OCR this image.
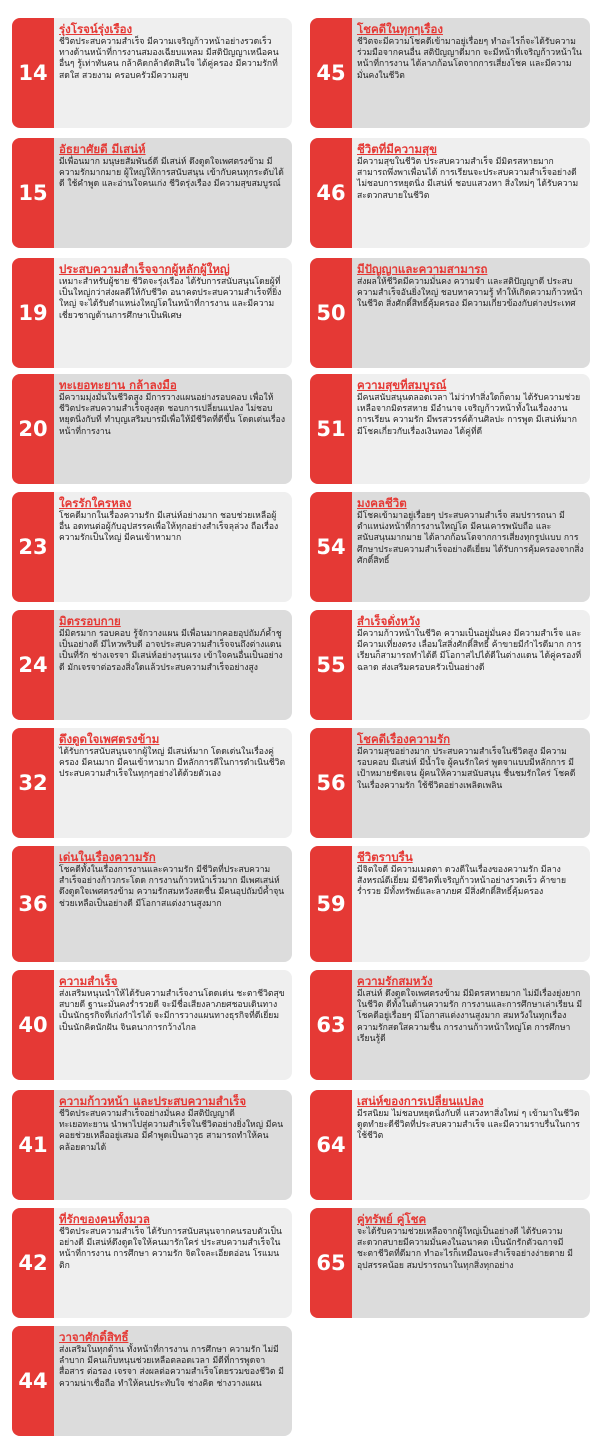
14
รุ่งโรจน์รุ่งเรือง
ชีวิตประสบความสำเร็จ มีความเจริญก้าวหน้าอย่างรวดเร็วทางด้านหน้าที่การงานสมองเฉียบแหลม มีสติปัญญาเหนือคนอื่นๆ รู้เท่าทันคน กล้าคิดกล้าตัดสินใจ ได้คู่ครอง มีความรักที่สดใส สวยงาม ครอบครัวมีความสุข	45
โชคดีในทุกๆเรื่อง
ชีวิตจะมีความโชคดีเข้ามาอยู่เรื่อยๆ ทำอะไรก็จะได้รับความร่วมมือจากคนอื่น สติปัญญาดีมาก จะมีหน้าที่เจริญก้าวหน้าในหน้าที่การงาน ได้ลาภก้อนโตจากการเสี่ยงโชค และมีความมั่นคงในชีวิต
15
อัธยาศัยดี มีเสน่ห์
มีเพื่อนมาก มนุษยสัมพันธ์ดี มีเสน่ห์ ดึงดูดใจเพศตรงข้าม มีความรักมากมาย ผู้ใหญ่ให้การสนับสนุน เข้ากับคนทุกระดับได้ดี ใช้คำพูด และอ่านใจคนเก่ง ชีวิตรุ่งเรือง มีความสุขสมบูรณ์	46
ชีวิตที่มีความสุข
มีความสุขในชีวิต ประสบความสำเร็จ มีมิตรสหายมาก สามารถพึ่งพาเพื่อนได้ การเรียนจะประสบความสำเร็จอย่างดี ไม่ชอบการหยุดนิ่ง มีเสน่ห์ ชอบแสวงหา สิ่งใหม่ๆ ได้รับความสะดวกสบายในชีวิต
19
ประสบความสำเร็จจากผู้หลักผู้ใหญ่
เหมาะสำหรับผู้ชาย ชีวิตจะรุ่งเรือง ได้รับการสนับสนุนโดยผู้ที่เป็นใหญ่กว่าส่งผลดีให้กับชีวิต อนาคตประสบความสำเร็จที่ยิ่งใหญ่ จะได้รับตำแหน่งใหญ่โตในหน้าที่การงาน และมีความเชี่ยวชาญด้านการศึกษาเป็นพิเศษ	50
มีปัญญาและความสามารถ
ส่งผลให้ชีวิตมีความมั่นคง ความจำ และสติปัญญาดี ประสบความสำเร็จอันยิ่งใหญ่ ชอบหาความรู้ ทำให้เกิดความก้าวหน้าในชีวิต สิ่งศักดิ์สิทธิ์คุ้มครอง มีความเกี่ยวข้องกับต่างประเทศ
20
ทะเยอทะยาน กล้าลงมือ
มีความมุ่งมั่นในชีวิตสูง มีการวางแผนอย่างรอบคอบ เพื่อให้ชีวิตประสบความสำเร็จสูงสุด ชอบการเปลี่ยนแปลง ไม่ชอบหยุดนิ่งกับที่ ทำบุญเสริมบารมีเพื่อให้มีชีวิตที่ดีขึ้น โดดเด่นเรื่องหน้าที่การงาน	51
ความสุขที่สมบูรณ์
มีคนสนับสนุนตลอดเวลา ไม่ว่าทำสิ่งใดก็ตาม ได้รับความช่วยเหลือจากมิตรสหาย มีอำนาจ เจริญก้าวหน้าทั้งในเรื่องงาน การเรียน ความรัก มีพรสวรรค์ด้านศิลปะ การพูด มีเสน่ห์มาก มีโชคเกี่ยวกับเรื่องเงินทอง ได้คู่ที่ดี
23
ใครรักใครหลง
โชคดีมากในเรื่องความรัก มีเสน่ห์อย่างมาก ชอบช่วยเหลือผู้อื่น อดทนต่อผู้กับอุปสรรคเพื่อให้ทุกอย่างสำเร็จลุล่วง ถือเรื่องความรักเป็นใหญ่ มีคนเข้าหามาก	54
มงคลชีวิต
มีโชคเข้ามาอยู่เรื่อยๆ ประสบความสำเร็จ สมปรารถนา มีตำแหน่งหน้าที่การงานใหญ่โต มีคนเคารพนับถือ และสนับสนุนมากมาย ได้ลาภก้อนโตจากการเสี่ยงทุกรูปแบบ การศึกษาประสบความสำเร็จอย่างดีเยี่ยม ได้รับการคุ้มครองจากสิ่งศักดิ์สิทธิ์
24
มิตรรอบกาย
มีมิตรมาก รอบคอบ รู้จักวางแผน มีเพื่อนมากคอยอุปถัมภ์ค้ำชูเป็นอย่างดี มีไหวพริบดี อาจประสบความสำเร็จจนถึงต่างแดน เป็นที่รัก ช่างเจรจา มีเสน่ห์อย่างรุนแรง เข้าใจคนอื่นเป็นอย่างดี มักเจรจาต่อรองสิ่งใดแล้วประสบความสำเร็จอย่างสูง	55
สำเร็จดั่งหวัง
มีความก้าวหน้าในชีวิต ความเป็นอยู่มั่นคง มีความสำเร็จ และมีความเที่ยงตรง เลื่อมใสสิ่งศักดิ์สิทธิ์ ค้าขายมีกำไรดีมาก การเรียนก็สามารถทำได้ดี มีโอกาสไปได้ดีในต่างแดน ได้คู่ครองที่ฉลาด ส่งเสริมครอบครัวเป็นอย่างดี
32
ดึงดูดใจเพศตรงข้าม
ได้รับการสนับสนุนจากผู้ใหญ่ มีเสน่ห์มาก โดดเด่นในเรื่องคู่ครอง มีคนมาก มีคนเข้าหามาก มีหลักการดีในการดำเนินชีวิต ประสบความสำเร็จในทุกๆอย่างได้ด้วยตัวเอง	56
โชคดีเรื่องความรัก
มีความสุขอย่างมาก ประสบความสำเร็จในชีวิตสูง มีความรอบคอบ มีเสน่ห์ มีน้ำใจ ผู้คนรักใคร่ พูดจาแบบมีหลักการ มีเป้าหมายชัดเจน ผู้คนให้ความสนับสนุน ชื่นชมรักใคร่ โชคดีในเรื่องความรัก ใช้ชีวิตอย่างเพลิดเพลิน
36
เด่นในเรื่องความรัก
โชคดีทั้งในเรื่องการงานและความรัก มีชีวิตที่ประสบความสำเร็จอย่างก้าวกระโดด การงานก้าวหน้าเร็วมาก มีเพศเสน่ห์ดึงดูดใจเพศตรงข้าม ความรักสมหวังสดชื่น มีคนอุปถัมป์ค้ำจุน ช่วยเหลือเป็นอย่างดี มีโอกาสแต่งงานสูงมาก	59
ชีวิตราบรื่น
มีจิตใจดี มีความเมตตา ดวงดีในเรื่องของความรัก มีลางสังหรณ์ดีเยี่ยม มีชีวิตที่เจริญก้าวหน้าอย่างรวดเร็ว ค้าขายร่ำรวย มีทั้งทรัพย์และลาภยศ มีสิ่งศักดิ์สิทธิ์คุ้มครอง
40
ความสำเร็จ
ส่งเสริมหนุนนำให้ได้รับความสำเร็จงานโดดเด่น ชะตาชีวิตสุขสบายดี ฐานะมั่นคงร่ำรวยดี จะมีชื่อเสียงลาภยศชอบเดินทาง เป็นนักธุรกิจที่เก่งกำไรได้ จะมีการวางแผนทางธุรกิจที่ดีเยี่ยม เป็นนักคิดนักฝัน จินตนาการกว้างไกล	63
ความรักสมหวัง
มีเสน่ห์ ดึงดูดใจเพศตรงข้าม มีมิตรสหายมาก ไม่มีเรื่องยุ่งยากในชีวิต ดีทั้งในด้านความรัก การงานและการศึกษาเล่าเรียน มีโชคดีอยู่เรื่อยๆ มีโอกาสแต่งงานสูงมาก สมหวังในทุกเรื่อง ความรักสดใสความชื่น การงานก้าวหน้าใหญ่โต การศึกษาเรียนรู้ดี
41
ความก้าวหน้า และประสบความสำเร็จ
ชีวิตประสบความสำเร็จอย่างมั่นคง มีสติปัญญาดี ทะเยอทะยาน นำพาไปสู่ความสำเร็จในชีวิตอย่างยิ่งใหญ่ มีคนคอยช่วยเหลืออยู่เสมอ มีคำพูดเป็นอาวุธ สามารถทำให้คนคล้อยตามได้	64
เสน่ห์ของการเปลี่ยนแปลง
มีรสนิยม ไม่ชอบหยุดนิ่งกับที่ แสวงหาสิ่งใหม่ ๆ เข้ามาในชีวิต ดูดทำยะดีชีวิตที่ประสบความสำเร็จ และมีความราบรื่นในการใช้ชีวิต
42
ที่รักของคนทั้งมวล
ชีวิตประสบความสำเร็จ ได้รับการสนับสนุนจากคนรอบตัวเป็นอย่างดี มีเสน่ห์ดึงดูดใจให้คนมารักใคร่ ประสบความสำเร็จในหน้าที่การงาน การศึกษา ความรัก จิตใจละเอียดอ่อน โรแมนติก	65
คู่ทรัพย์ คู่โชค
จะได้รับความช่วยเหลือจากผู้ใหญ่เป็นอย่างดี ได้รับความสะดวกสบายมีความมั่นคงในอนาคต เป็นนักรักตัวฉกาจมีชะตาชีวิตที่ดีมาก ทำอะไรก็เหมือนจะสำเร็จอย่างง่ายดาย มีอุปสรรคน้อย สมปรารถนาในทุกสิ่งทุกอย่าง
44
วาจาศักดิ์สิทธิ์
ส่งเสริมในทุกด้าน ทั้งหน้าที่การงาน การศึกษา ความรัก ไม่มีลำบาก มีคนเก็บหนุนช่วยเหลือตลอดเวลา มีดีที่การพูดจา สื่อสาร ต่อรอง เจรจา ส่งผลต่อความสำเร็จโดยรวมของชีวิต มีความน่าเชื่อถือ ทำให้คนประทับใจ ช่างคิด ช่างวางแผน
